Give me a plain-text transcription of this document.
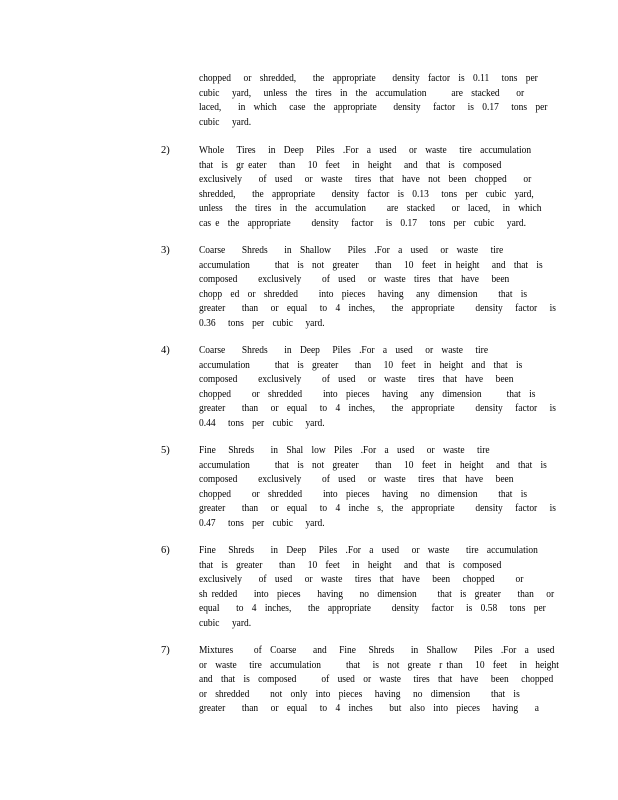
chopped   or  shredded,    the  appropriate    density  factor  is  0.11   tons  per
cubic   yard,   unless  the  tires  in  the  accumulation      are  stacked    or
laced,    in  which   case  the  appropriate    density   factor   is  0.17   tons  per
cubic   yard.
2)	Whole   Tires   in  Deep   Piles  .For  a  used   or  waste   tire  accumulation
that  is  gr eater   than   10  feet   in  height   and  that  is  composed
exclusively    of  used   or  waste   tires  that  have  not  been  chopped    or
shredded,    the  appropriate    density  factor  is  0.13   tons  per  cubic  yard,
unless   the  tires  in  the  accumulation     are  stacked    or  laced,   in  which
cas e  the  appropriate     density   factor   is  0.17   tons  per  cubic   yard.
3)	Coarse    Shreds    in  Shallow    Piles  .For  a  used   or  waste   tire
accumulation      that  is  not  greater    than   10  feet  in height   and  that  is
composed     exclusively     of  used   or  waste  tires  that  have   been
chopp  ed  or  shredded     into  pieces   having   any  dimension     that  is
greater    than   or  equal   to  4  inches,    the  appropriate     density   factor   is
0.36   tons  per  cubic   yard.
4)	Coarse    Shreds    in  Deep   Piles  .For  a  used   or  waste   tire
accumulation      that  is  greater    than   10  feet  in  height  and  that  is
composed     exclusively     of  used   or  waste   tires  that  have   been
chopped     or  shredded     into  pieces   having   any  dimension      that  is
greater    than   or  equal   to  4  inches,    the  appropriate     density   factor   is
0.44   tons  per  cubic   yard.
5)	Fine   Shreds    in  Shal  low  Piles  .For  a  used   or  waste   tire
accumulation      that  is  not  greater    than   10  feet  in  height   and  that  is
composed     exclusively     of  used   or  waste   tires  that  have   been
chopped     or  shredded     into  pieces   having   no  dimension     that  is
greater    than   or  equal   to  4  inche  s,  the  appropriate     density   factor   is
0.47   tons  per  cubic   yard.
6)	Fine   Shreds    in  Deep   Piles  .For  a  used   or  waste    tire  accumulation
that  is  greater    than   10  feet   in  height   and  that  is  composed
exclusively    of  used   or  waste   tires  that  have   been   chopped     or
sh redded    into  pieces    having    no  dimension     that  is  greater    than   or
equal    to  4  inches,    the  appropriate     density   factor   is  0.58   tons  per
cubic   yard.
7)	Mixtures     of  Coarse    and   Fine   Shreds    in  Shallow    Piles  .For  a  used
or  waste   tire  accumulation      that   is  not  greate  r than   10  feet   in  height
and  that  is  composed      of  used  or  waste   tires  that  have   been   chopped
or  shredded     not  only  into  pieces   having   no  dimension     that  is
greater    than   or  equal   to  4  inches    but  also  into  pieces   having    a
